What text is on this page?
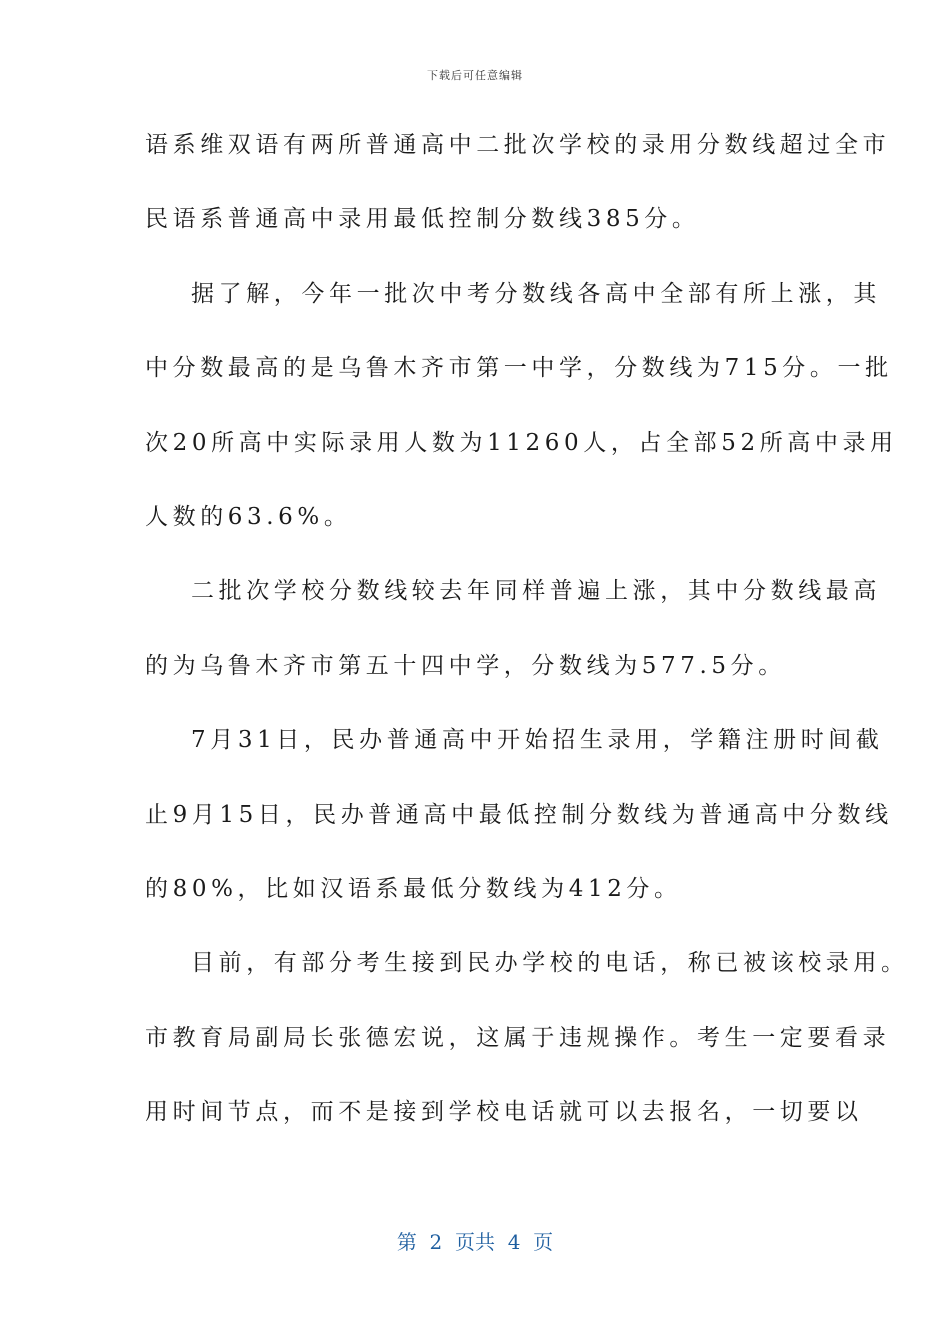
下载后可任意编辑
语系维双语有两所普通高中二批次学校的录用分数线超过全市
民语系普通高中录用最低控制分数线385分。
据了解，今年一批次中考分数线各高中全部有所上涨，其
中分数最高的是乌鲁木齐市第一中学，分数线为715分。一批
次20所高中实际录用人数为11260人，占全部52所高中录用
人数的63.6%。
二批次学校分数线较去年同样普遍上涨，其中分数线最高
的为乌鲁木齐市第五十四中学，分数线为577.5分。
7月31日，民办普通高中开始招生录用，学籍注册时间截
止9月15日，民办普通高中最低控制分数线为普通高中分数线
的80%，比如汉语系最低分数线为412分。
目前，有部分考生接到民办学校的电话，称已被该校录用。
市教育局副局长张德宏说，这属于违规操作。考生一定要看录
用时间节点，而不是接到学校电话就可以去报名，一切要以
第  2  页共  4  页
